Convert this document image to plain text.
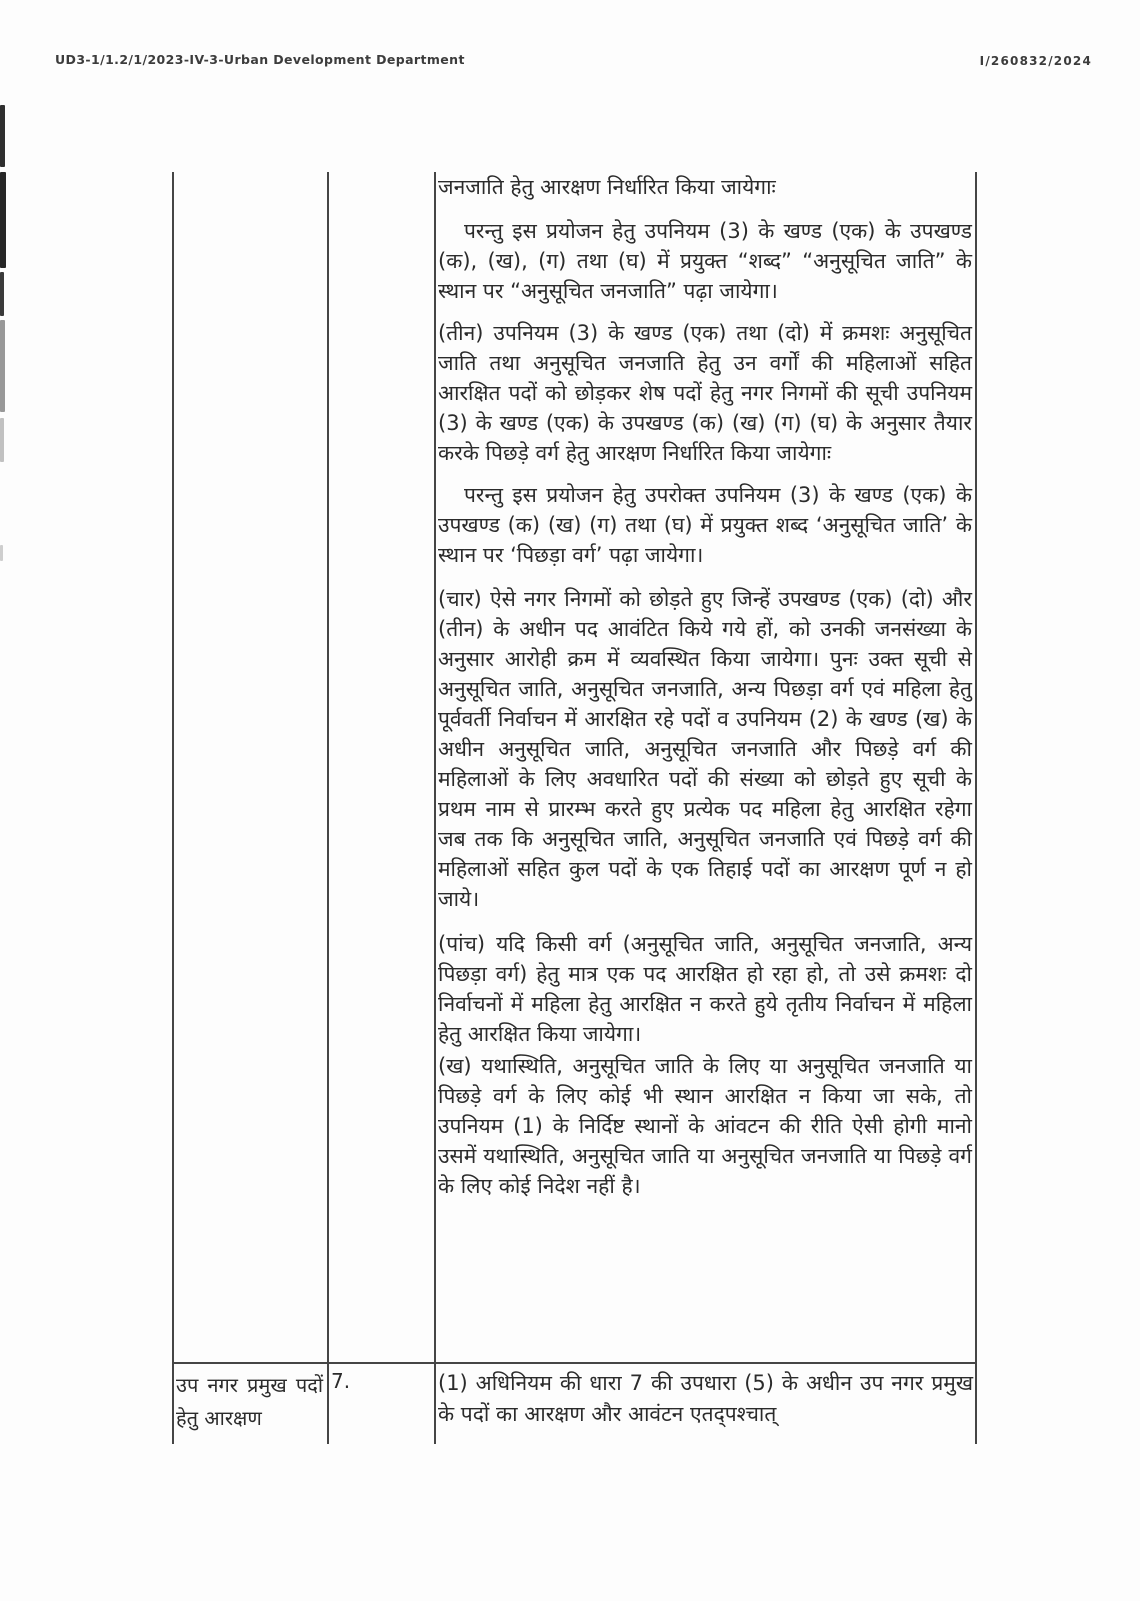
UD3-1/1.2/1/2023-IV-3-Urban Development Department	I/260832/2024

जनजाति हेतु आरक्षण निर्धारित किया जायेगाः

परन्तु इस प्रयोजन हेतु उपनियम (3) के खण्ड (एक) के उपखण्ड (क), (ख), (ग) तथा (घ) में प्रयुक्त “शब्द” “अनुसूचित जाति” के स्थान पर “अनुसूचित जनजाति” पढ़ा जायेगा।

(तीन) उपनियम (3) के खण्ड (एक) तथा (दो) में क्रमशः अनुसूचित जाति तथा अनुसूचित जनजाति हेतु उन वर्गों की महिलाओं सहित आरक्षित पदों को छोड़कर शेष पदों हेतु नगर निगमों की सूची उपनियम (3) के खण्ड (एक) के उपखण्ड (क) (ख) (ग) (घ) के अनुसार तैयार करके पिछड़े वर्ग हेतु आरक्षण निर्धारित किया जायेगाः

परन्तु इस प्रयोजन हेतु उपरोक्त उपनियम (3) के खण्ड (एक) के उपखण्ड (क) (ख) (ग) तथा (घ) में प्रयुक्त शब्द ‘अनुसूचित जाति’ के स्थान पर ‘पिछड़ा वर्ग’ पढ़ा जायेगा।

(चार) ऐसे नगर निगमों को छोड़ते हुए जिन्हें उपखण्ड (एक) (दो) और (तीन) के अधीन पद आवंटित किये गये हों, को उनकी जनसंख्या के अनुसार आरोही क्रम में व्यवस्थित किया जायेगा। पुनः उक्त सूची से अनुसूचित जाति, अनुसूचित जनजाति, अन्य पिछड़ा वर्ग एवं महिला हेतु पूर्ववर्ती निर्वाचन में आरक्षित रहे पदों व उपनियम (2) के खण्ड (ख) के अधीन अनुसूचित जाति, अनुसूचित जनजाति और पिछड़े वर्ग की महिलाओं के लिए अवधारित पदों की संख्या को छोड़ते हुए सूची के प्रथम नाम से प्रारम्भ करते हुए प्रत्येक पद महिला हेतु आरक्षित रहेगा जब तक कि अनुसूचित जाति, अनुसूचित जनजाति एवं पिछड़े वर्ग की महिलाओं सहित कुल पदों के एक तिहाई पदों का आरक्षण पूर्ण न हो जाये।

(पांच) यदि किसी वर्ग (अनुसूचित जाति, अनुसूचित जनजाति, अन्य पिछड़ा वर्ग) हेतु मात्र एक पद आरक्षित हो रहा हो, तो उसे क्रमशः दो निर्वाचनों में महिला हेतु आरक्षित न करते हुये तृतीय निर्वाचन में महिला हेतु आरक्षित किया जायेगा।

(ख) यथास्थिति, अनुसूचित जाति के लिए या अनुसूचित जनजाति या पिछड़े वर्ग के लिए कोई भी स्थान आरक्षित न किया जा सके, तो उपनियम (1) के निर्दिष्ट स्थानों के आंवटन की रीति ऐसी होगी मानो उसमें यथास्थिति, अनुसूचित जाति या अनुसूचित जनजाति या पिछड़े वर्ग के लिए कोई निदेश नहीं है।

उप नगर प्रमुख पदों हेतु आरक्षण
7.	(1) अधिनियम की धारा 7 की उपधारा (5) के अधीन उप नगर प्रमुख के पदों का आरक्षण और आवंटन एतद्पश्चात्
